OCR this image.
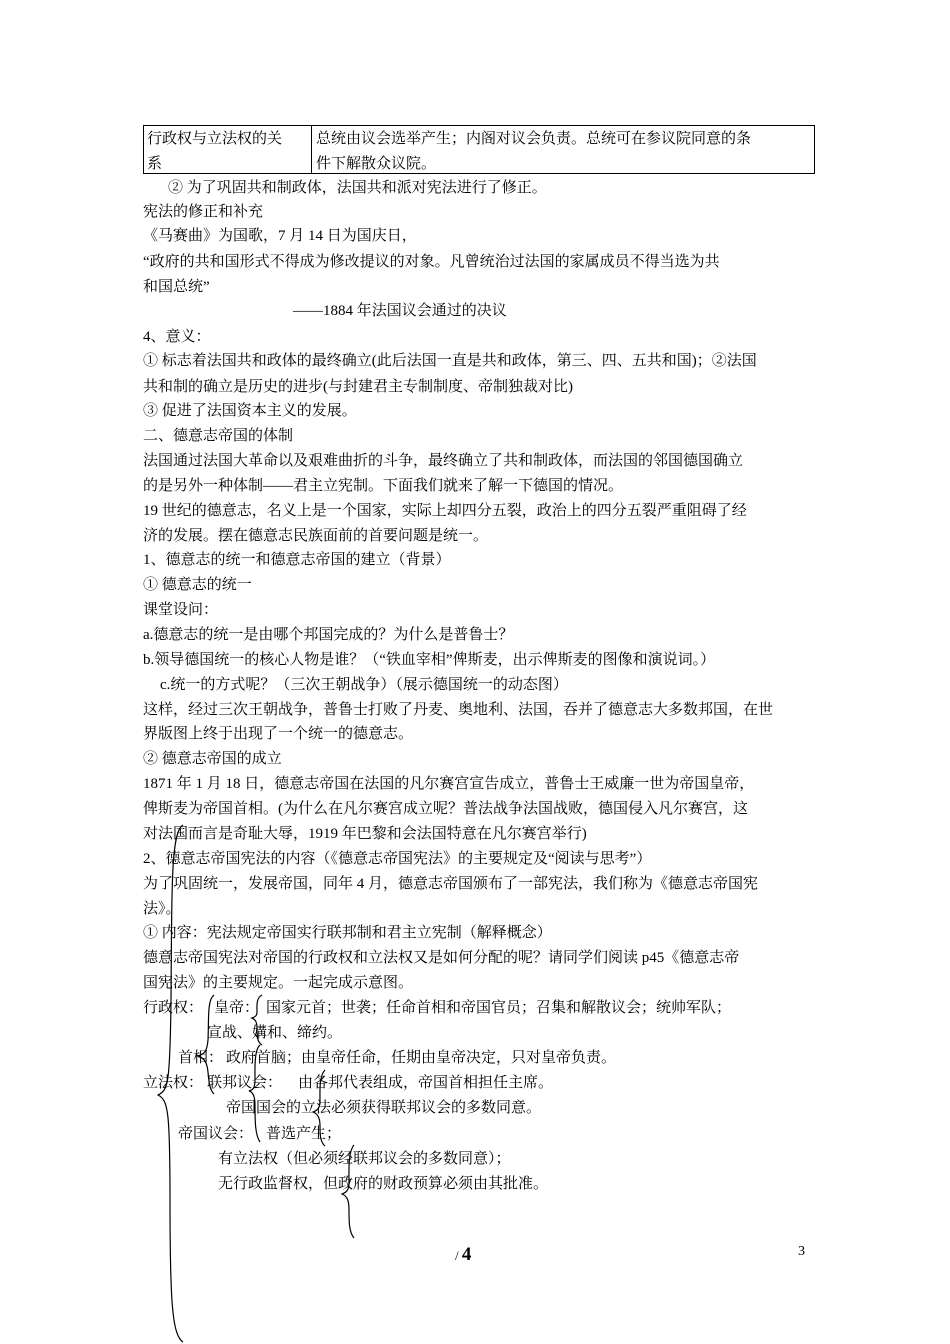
行政权与立法权的关
系
总统由议会选举产生；内阁对议会负责。总统可在参议院同意的条
件下解散众议院。
② 为了巩固共和制政体，法国共和派对宪法进行了修正。
宪法的修正和补充
《马赛曲》为国歌，7 月 14 日为国庆日，
“政府的共和国形式不得成为修改提议的对象。凡曾统治过法国的家属成员不得当选为共
和国总统”
——1884 年法国议会通过的决议
4、意义：
① 标志着法国共和政体的最终确立(此后法国一直是共和政体，第三、四、五共和国)；②法国
共和制的确立是历史的进步(与封建君主专制制度、帝制独裁对比)
③ 促进了法国资本主义的发展。
二、德意志帝国的体制
法国通过法国大革命以及艰难曲折的斗争，最终确立了共和制政体，而法国的邻国德国确立
的是另外一种体制——君主立宪制。下面我们就来了解一下德国的情况。
19 世纪的德意志，名义上是一个国家，实际上却四分五裂，政治上的四分五裂严重阻碍了经
济的发展。摆在德意志民族面前的首要问题是统一。
1、德意志的统一和德意志帝国的建立（背景）
① 德意志的统一
课堂设问：
a.德意志的统一是由哪个邦国完成的？为什么是普鲁士？
b.领导德国统一的核心人物是谁？（“铁血宰相”俾斯麦，出示俾斯麦的图像和演说词。）
c.统一的方式呢？（三次王朝战争）（展示德国统一的动态图）
这样，经过三次王朝战争，普鲁士打败了丹麦、奥地利、法国，吞并了德意志大多数邦国，在世
界版图上终于出现了一个统一的德意志。
② 德意志帝国的成立
1871 年 1 月 18 日，德意志帝国在法国的凡尔赛宫宣告成立，普鲁士王威廉一世为帝国皇帝，
俾斯麦为帝国首相。(为什么在凡尔赛宫成立呢？普法战争法国战败，德国侵入凡尔赛宫，这
对法国而言是奇耻大辱，1919 年巴黎和会法国特意在凡尔赛宫举行)
2、德意志帝国宪法的内容（《德意志帝国宪法》的主要规定及“阅读与思考”）
为了巩固统一，发展帝国，同年 4 月，德意志帝国颁布了一部宪法，我们称为《德意志帝国宪
法》。
① 内容：宪法规定帝国实行联邦制和君主立宪制（解释概念）
德意志帝国宪法对帝国的行政权和立法权又是如何分配的呢？请同学们阅读 p45《德意志帝
国宪法》的主要规定。一起完成示意图。
行政权： 皇帝： 国家元首；世袭；任命首相和帝国官员；召集和解散议会；统帅军队；
宣战、媾和、缔约。
首相： 政府首脑；由皇帝任命，任期由皇帝决定，只对皇帝负责。
立法权： 联邦议会： 由各邦代表组成，帝国首相担任主席。
帝国国会的立法必须获得联邦议会的多数同意。
帝国议会： 普选产生；
有立法权（但必须经联邦议会的多数同意）；
无行政监督权，但政府的财政预算必须由其批准。
/ 4	3
